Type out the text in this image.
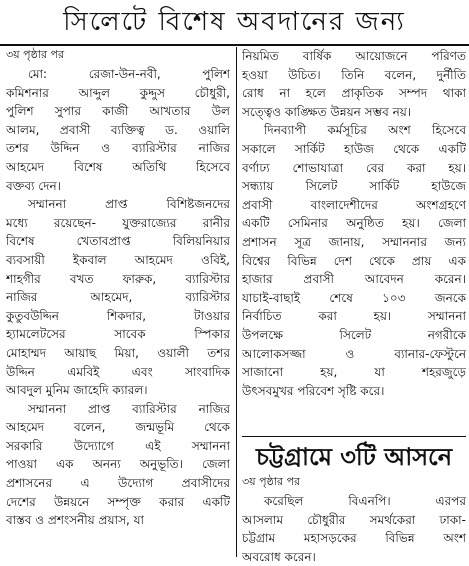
সিলেটে বিশেষ অবদানের জন্য
৩য় পৃষ্ঠার পর
মো: রেজা-উন-নবী, পুলিশ
কমিশনার আব্দুল কুদ্দুস চৌধুরী,
পুলিশ সুপার কাজী আখতার উল
আলম, প্রবাসী ব্যক্তিত্ব ড. ওয়ালি
তশর উদ্দিন ও ব্যারিস্টার নাজির
আহমেদ বিশেষ অতিথি হিসেবে
বক্তব্য দেন।
সম্মাননা প্রাপ্ত বিশিষ্টজনদের
মধ্যে রয়েছেন- যুক্তরাজ্যের রানীর
বিশেষ খেতাবপ্রাপ্ত বিলিয়নিয়ার
ব্যবসায়ী ইকবাল আহমেদ ওবিই,
শাহগীর বখত ফারুক, ব্যারিস্টার
নাজির আহমেদ, ব্যারিস্টার
কুতুবউদ্দিন শিকদার, টাওয়ার
হ্যামলেটসের সাবেক স্পিকার
মোহাম্মদ আয়াছ মিয়া, ওয়ালী তশর
উদ্দিন এমবিই এবং সাংবাদিক
আবদুল মুনিম জাহেদি ক্যারল।
সম্মাননা প্রাপ্ত ব্যারিস্টার নাজির
আহমেদ বলেন, জন্মভূমি থেকে
সরকারি উদ্যোগে এই সম্মাননা
পাওয়া এক অনন্য অনুভূতি। জেলা
প্রশাসনের এ উদ্যোগ প্রবাসীদের
দেশের উন্নয়নে সম্পৃক্ত করার একটি
বাস্তব ও প্রশংসনীয় প্রয়াস, যা
নিয়মিত বার্ষিক আয়োজনে পরিণত
হওয়া উচিত। তিনি বলেন, দুর্নীতি
রোধ না হলে প্রাকৃতিক সম্পদ থাকা
সত্ত্বেও কাঙ্ক্ষিত উন্নয়ন সম্ভব নয়।
দিনব্যাপী কর্মসূচির অংশ হিসেবে
সকালে সার্কিট হাউজ থেকে একটি
বর্ণাঢ্য শোভাযাত্রা বের করা হয়।
সন্ধ্যায় সিলেট সার্কিট হাউজে
প্রবাসী বাংলাদেশীদের অংশগ্রহণে
একটি সেমিনার অনুষ্ঠিত হয়। জেলা
প্রশাসন সূত্র জানায়, সম্মাননার জন্য
বিশ্বের বিভিন্ন দেশ থেকে প্রায় এক
হাজার প্রবাসী আবেদন করেন।
যাচাই-বাছাই শেষে ১০৩ জনকে
নির্বাচিত করা হয়। সম্মাননা
উপলক্ষে সিলেট নগরীকে
আলোকসজ্জা ও ব্যানার-ফেস্টুনে
সাজানো হয়, যা শহরজুড়ে
উৎসবমুখর পরিবেশ সৃষ্টি করে।
চট্টগ্রামে ৩টি আসনে
৩য় পৃষ্ঠার পর
করেছিল বিএনপি। এরপর
আসলাম চৌধুরীর সমর্থকেরা ঢাকা-
চট্টগ্রাম মহাসড়কের বিভিন্ন অংশ
অবরোধ করেন।
